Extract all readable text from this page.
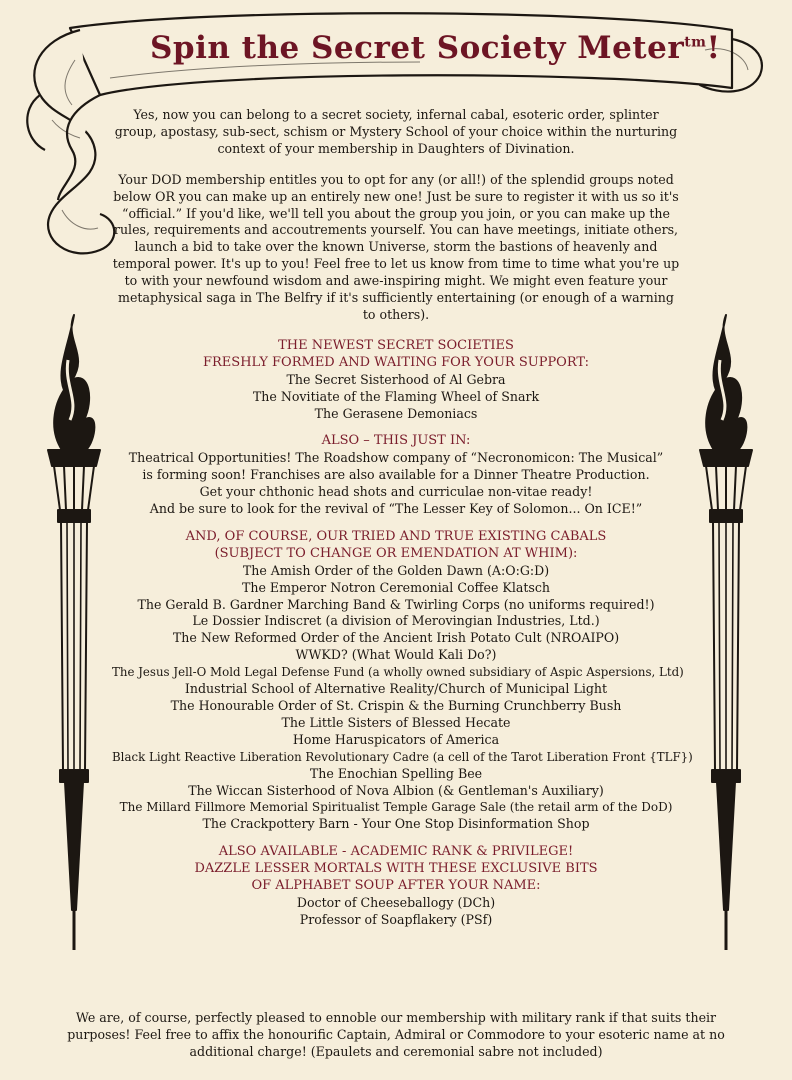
Spin the Secret Society Meter$^{tm}$!

Yes, now you can belong to a secret society, infernal cabal, esoteric order, splinter group, apostasy, sub-sect, schism or Mystery School of your choice within the nurturing context of your membership in Daughters of Divination.

Your DOD membership entitles you to opt for any (or all!) of the splendid groups noted below OR you can make up an entirely new one! Just be sure to register it with us so it's “official.” If you'd like, we'll tell you about the group you join, or you can make up the rules, requirements and accoutrements yourself. You can have meetings, initiate others, launch a bid to take over the known Universe, storm the bastions of heavenly and temporal power. It's up to you! Feel free to let us know from time to time what you're up to with your newfound wisdom and awe-inspiring might. We might even feature your metaphysical saga in The Belfry if it's sufficiently entertaining (or enough of a warning to others).

THE NEWEST SECRET SOCIETIES
FRESHLY FORMED AND WAITING FOR YOUR SUPPORT:
The Secret Sisterhood of Al Gebra
The Novitiate of the Flaming Wheel of Snark
The Gerasene Demoniacs
ALSO – THIS JUST IN:
Theatrical Opportunities! The Roadshow company of “Necronomicon: The Musical”
is forming soon! Franchises are also available for a Dinner Theatre Production.
Get your chthonic head shots and curriculae non-vitae ready!
And be sure to look for the revival of “The Lesser Key of Solomon... On ICE!”
AND, OF COURSE, OUR TRIED AND TRUE EXISTING CABALS
(SUBJECT TO CHANGE OR EMENDATION AT WHIM):
The Amish Order of the Golden Dawn (A:O:G:D)
The Emperor Notron Ceremonial Coffee Klatsch
The Gerald B. Gardner Marching Band & Twirling Corps (no uniforms required!)
Le Dossier Indiscret (a division of Merovingian Industries, Ltd.)
The New Reformed Order of the Ancient Irish Potato Cult (NROAIPO)
WWKD? (What Would Kali Do?)
The Jesus Jell-O Mold Legal Defense Fund (a wholly owned subsidiary of Aspic Aspersions, Ltd)
Industrial School of Alternative Reality/Church of Municipal Light
The Honourable Order of St. Crispin & the Burning Crunchberry Bush
The Little Sisters of Blessed Hecate
Home Haruspicators of America
Black Light Reactive Liberation Revolutionary Cadre (a cell of the Tarot Liberation Front {TLF})
The Enochian Spelling Bee
The Wiccan Sisterhood of Nova Albion (& Gentleman's Auxiliary)
The Millard Fillmore Memorial Spiritualist Temple Garage Sale (the retail arm of the DoD)
The Crackpottery Barn - Your One Stop Disinformation Shop
ALSO AVAILABLE - ACADEMIC RANK & PRIVILEGE!
DAZZLE LESSER MORTALS WITH THESE EXCLUSIVE BITS
OF ALPHABET SOUP AFTER YOUR NAME:
Doctor of Cheeseballogy (DCh)
Professor of Soapflakery (PSf)

We are, of course, perfectly pleased to ennoble our membership with military rank if that suits their purposes! Feel free to affix the honourific Captain, Admiral or Commodore to your esoteric name at no additional charge! (Epaulets and ceremonial sabre not included)
